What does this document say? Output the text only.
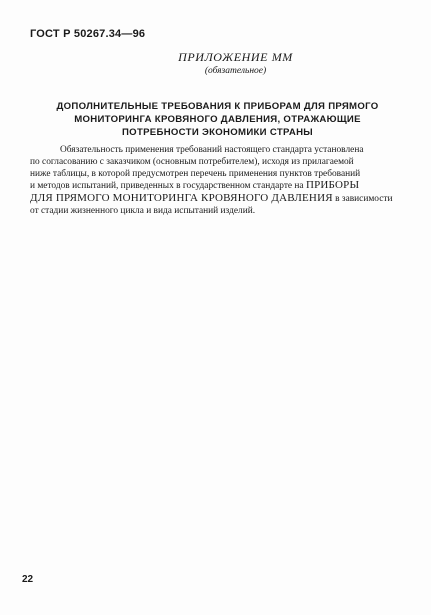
ГОСТ Р 50267.34—96
ПРИЛОЖЕНИЕ ММ
(обязательное)
ДОПОЛНИТЕЛЬНЫЕ ТРЕБОВАНИЯ К ПРИБОРАМ ДЛЯ ПРЯМОГО
МОНИТОРИНГА КРОВЯНОГО ДАВЛЕНИЯ, ОТРАЖАЮЩИЕ
ПОТРЕБНОСТИ ЭКОНОМИКИ СТРАНЫ
Обязательность применения требований настоящего стандарта установлена
по согласованию с заказчиком (основным потребителем), исходя из прилагаемой
ниже таблицы, в которой предусмотрен перечень применения пунктов требований
и методов испытаний, приведенных в государственном стандарте на ПРИБОРЫ
ДЛЯ ПРЯМОГО МОНИТОРИНГА КРОВЯНОГО ДАВЛЕНИЯ в зависимости
от стадии жизненного цикла и вида испытаний изделий.
22
